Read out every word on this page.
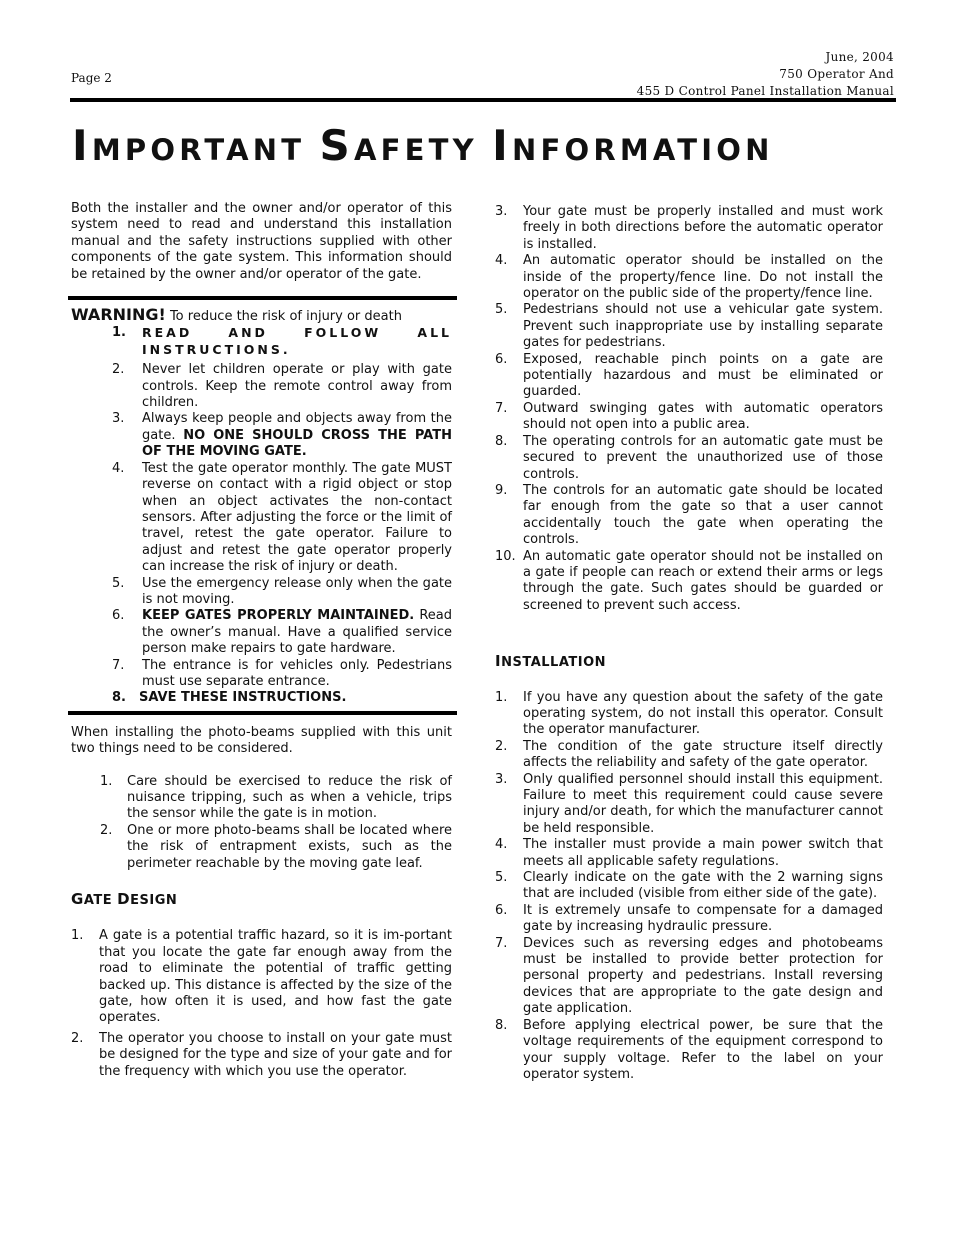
Page 2
June, 2004
750 Operator And
455 D Control Panel Installation Manual
IMPORTANT SAFETY INFORMATION

Both the installer and the owner and/or operator of this system need to read and understand this installation manual and the safety instructions supplied with other components of the gate system. This information should be retained by the owner and/or operator of the gate.

WARNING! To reduce the risk of injury or death
1. READ AND FOLLOW ALL INSTRUCTIONS.
2. Never let children operate or play with gate controls. Keep the remote control away from children.
3. Always keep people and objects away from the gate. NO ONE SHOULD CROSS THE PATH OF THE MOVING GATE.
4. Test the gate operator monthly. The gate MUST reverse on contact with a rigid object or stop when an object activates the non-contact sensors. After adjusting the force or the limit of travel, retest the gate operator. Failure to adjust and retest the gate operator properly can increase the risk of injury or death.
5. Use the emergency release only when the gate is not moving.
6. KEEP GATES PROPERLY MAINTAINED. Read the owner’s manual. Have a qualified service person make repairs to gate hardware.
7. The entrance is for vehicles only. Pedestrians must use separate entrance.
8. SAVE THESE INSTRUCTIONS.

When installing the photo-beams supplied with this unit two things need to be considered.

1. Care should be exercised to reduce the risk of nuisance tripping, such as when a vehicle, trips the sensor while the gate is in motion.
2. One or more photo-beams shall be located where the risk of entrapment exists, such as the perimeter reachable by the moving gate leaf.
GATE DESIGN
1. A gate is a potential traffic hazard, so it is im-portant that you locate the gate far enough away from the road to eliminate the potential of traffic getting backed up. This distance is affected by the size of the gate, how often it is used, and how fast the gate operates.
2. The operator you choose to install on your gate must be designed for the type and size of your gate and for the frequency with which you use the operator.
3. Your gate must be properly installed and must work freely in both directions before the automatic operator is installed.
4. An automatic operator should be installed on the inside of the property/fence line. Do not install the operator on the public side of the property/fence line.
5. Pedestrians should not use a vehicular gate system. Prevent such inappropriate use by installing separate gates for pedestrians.
6. Exposed, reachable pinch points on a gate are potentially hazardous and must be eliminated or guarded.
7. Outward swinging gates with automatic operators should not open into a public area.
8. The operating controls for an automatic gate must be secured to prevent the unauthorized use of those controls.
9. The controls for an automatic gate should be located far enough from the gate so that a user cannot accidentally touch the gate when operating the controls.
10. An automatic gate operator should not be installed on a gate if people can reach or extend their arms or legs through the gate. Such gates should be guarded or screened to prevent such access.
INSTALLATION
1. If you have any question about the safety of the gate operating system, do not install this operator. Consult the operator manufacturer.
2. The condition of the gate structure itself directly affects the reliability and safety of the gate operator.
3. Only qualified personnel should install this equipment. Failure to meet this requirement could cause severe injury and/or death, for which the manufacturer cannot be held responsible.
4. The installer must provide a main power switch that meets all applicable safety regulations.
5. Clearly indicate on the gate with the 2 warning signs that are included (visible from either side of the gate).
6. It is extremely unsafe to compensate for a damaged gate by increasing hydraulic pressure.
7. Devices such as reversing edges and photobeams must be installed to provide better protection for personal property and pedestrians. Install reversing devices that are appropriate to the gate design and gate application.
8. Before applying electrical power, be sure that the voltage requirements of the equipment correspond to your supply voltage. Refer to the label on your operator system.
